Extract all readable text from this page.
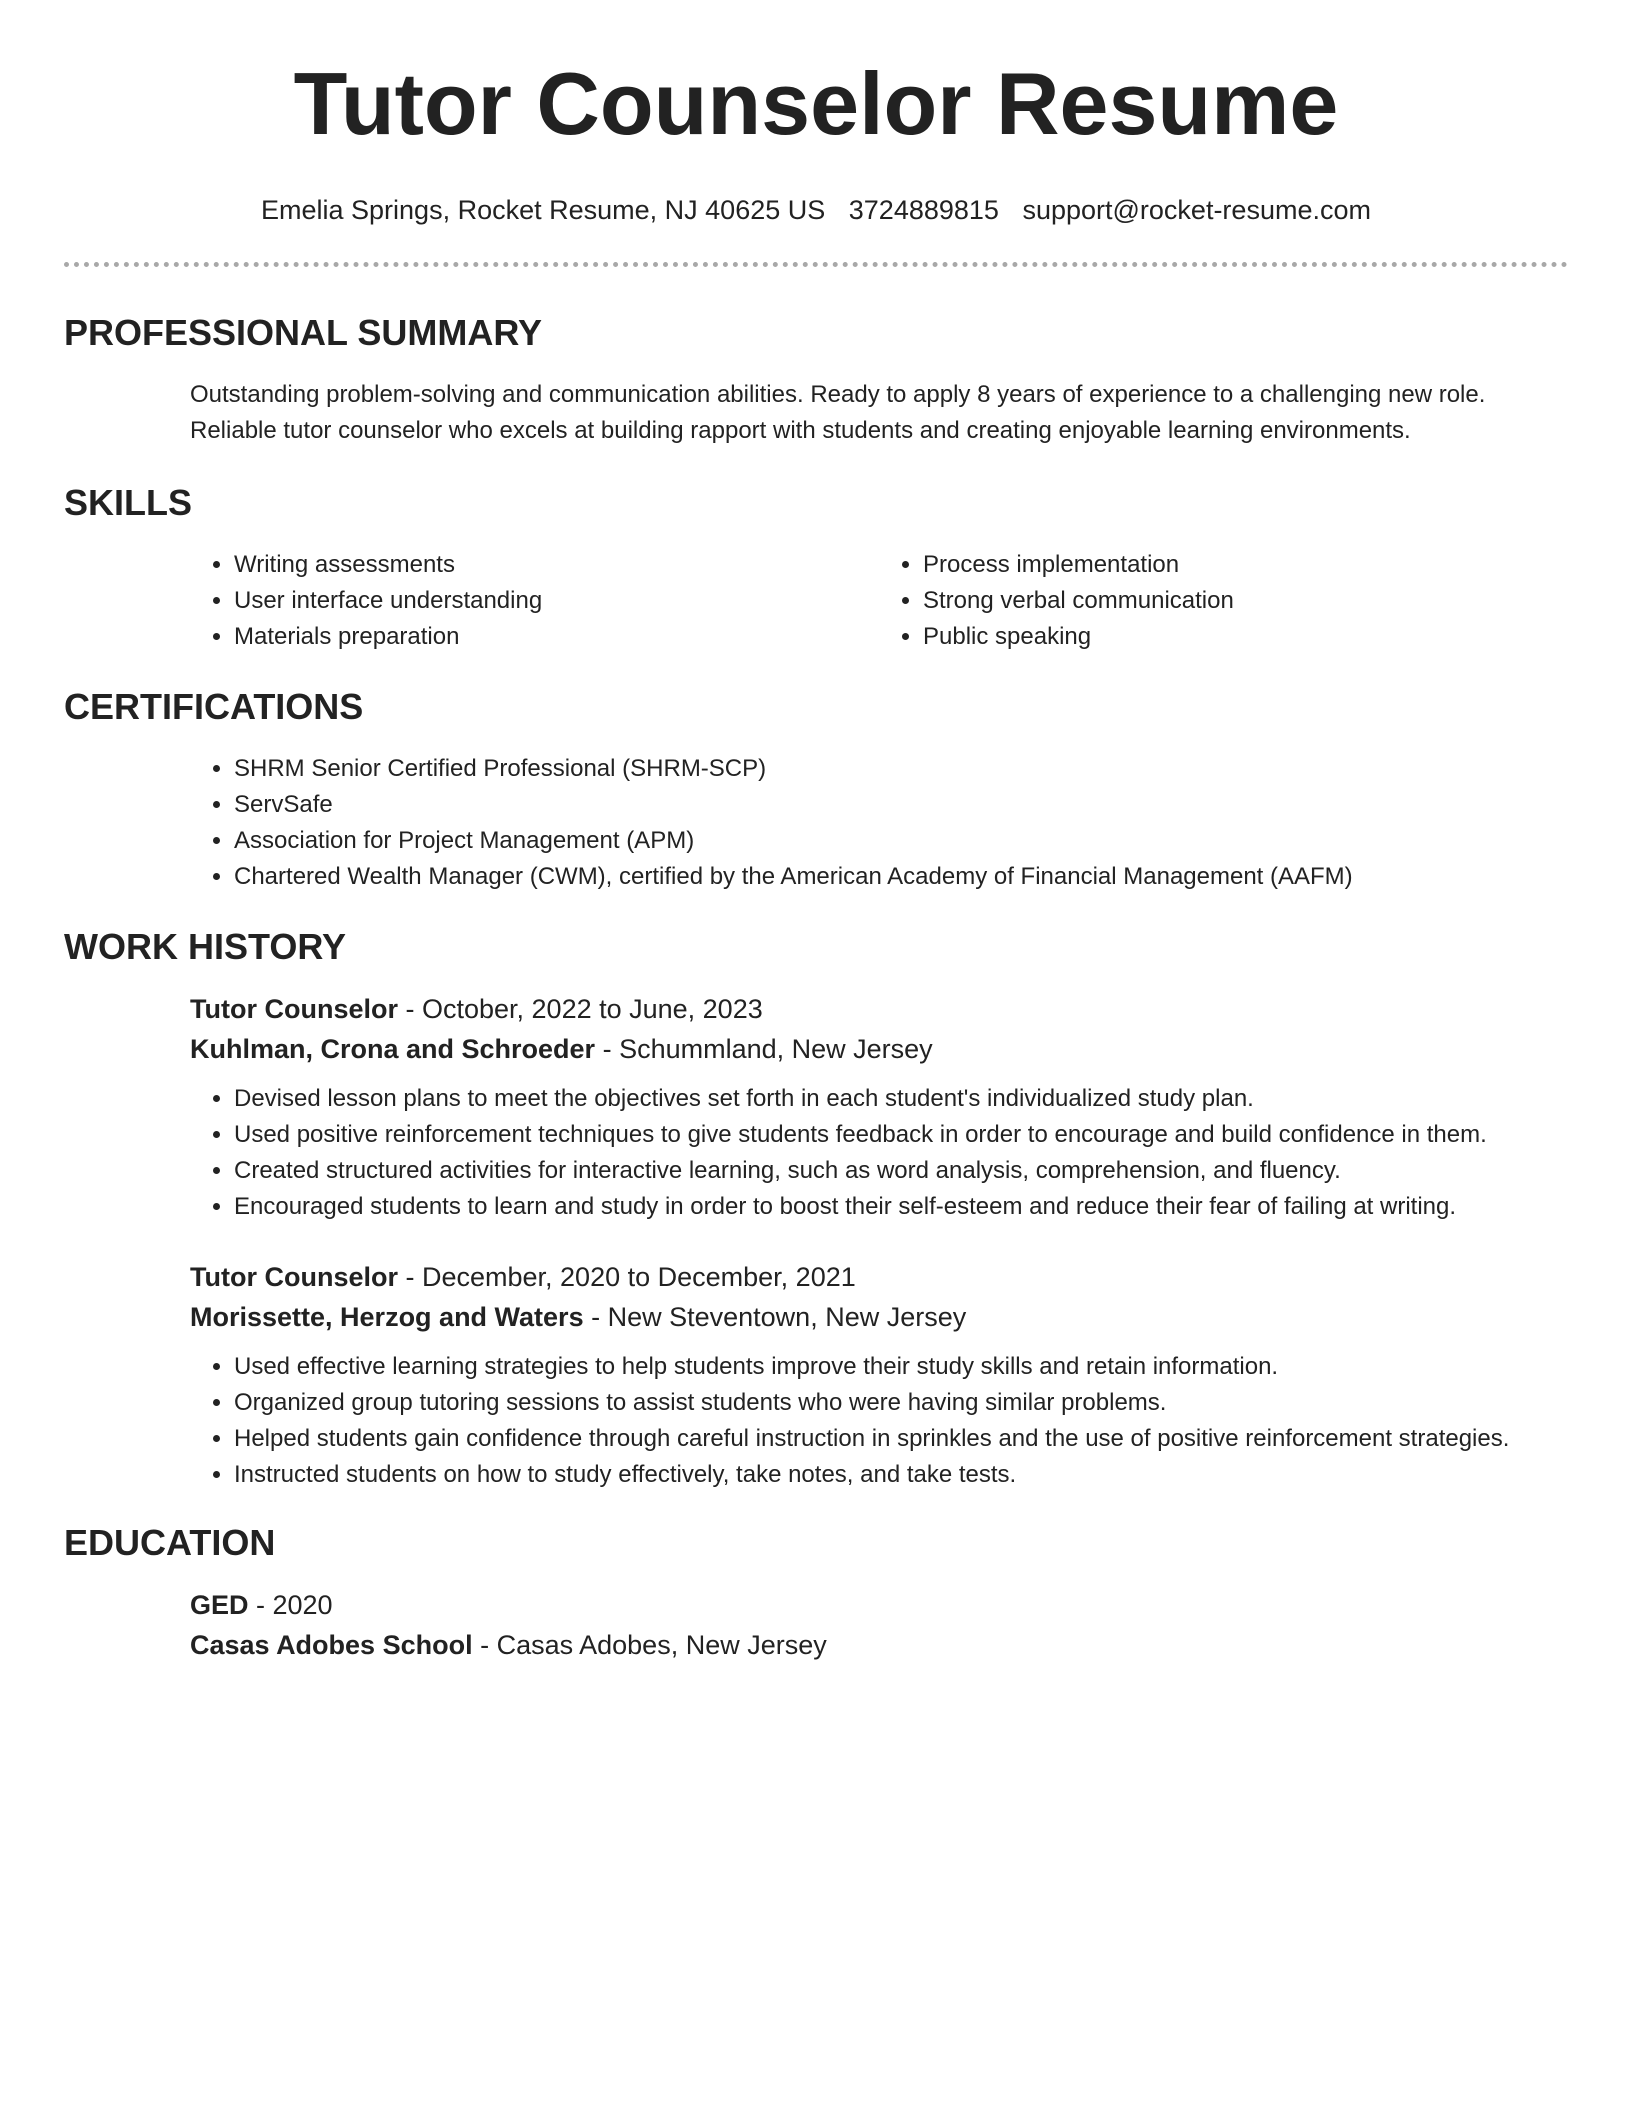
Tutor Counselor Resume
Emelia Springs, Rocket Resume, NJ 40625 US 3724889815 support@rocket-resume.com
PROFESSIONAL SUMMARY

Outstanding problem-solving and communication abilities. Ready to apply 8 years of experience to a challenging new role. Reliable tutor counselor who excels at building rapport with students and creating enjoyable learning environments.

SKILLS
• Writing assessments
• User interface understanding
• Materials preparation
• Process implementation
• Strong verbal communication
• Public speaking
CERTIFICATIONS
• SHRM Senior Certified Professional (SHRM-SCP)
• ServSafe
• Association for Project Management (APM)
• Chartered Wealth Manager (CWM), certified by the American Academy of Financial Management (AAFM)
WORK HISTORY
Tutor Counselor - October, 2022 to June, 2023
Kuhlman, Crona and Schroeder - Schummland, New Jersey
• Devised lesson plans to meet the objectives set forth in each student's individualized study plan.
• Used positive reinforcement techniques to give students feedback in order to encourage and build confidence in them.
• Created structured activities for interactive learning, such as word analysis, comprehension, and fluency.
• Encouraged students to learn and study in order to boost their self-esteem and reduce their fear of failing at writing.
Tutor Counselor - December, 2020 to December, 2021
Morissette, Herzog and Waters - New Steventown, New Jersey
• Used effective learning strategies to help students improve their study skills and retain information.
• Organized group tutoring sessions to assist students who were having similar problems.
• Helped students gain confidence through careful instruction in sprinkles and the use of positive reinforcement strategies.
• Instructed students on how to study effectively, take notes, and take tests.
EDUCATION
GED - 2020
Casas Adobes School - Casas Adobes, New Jersey
